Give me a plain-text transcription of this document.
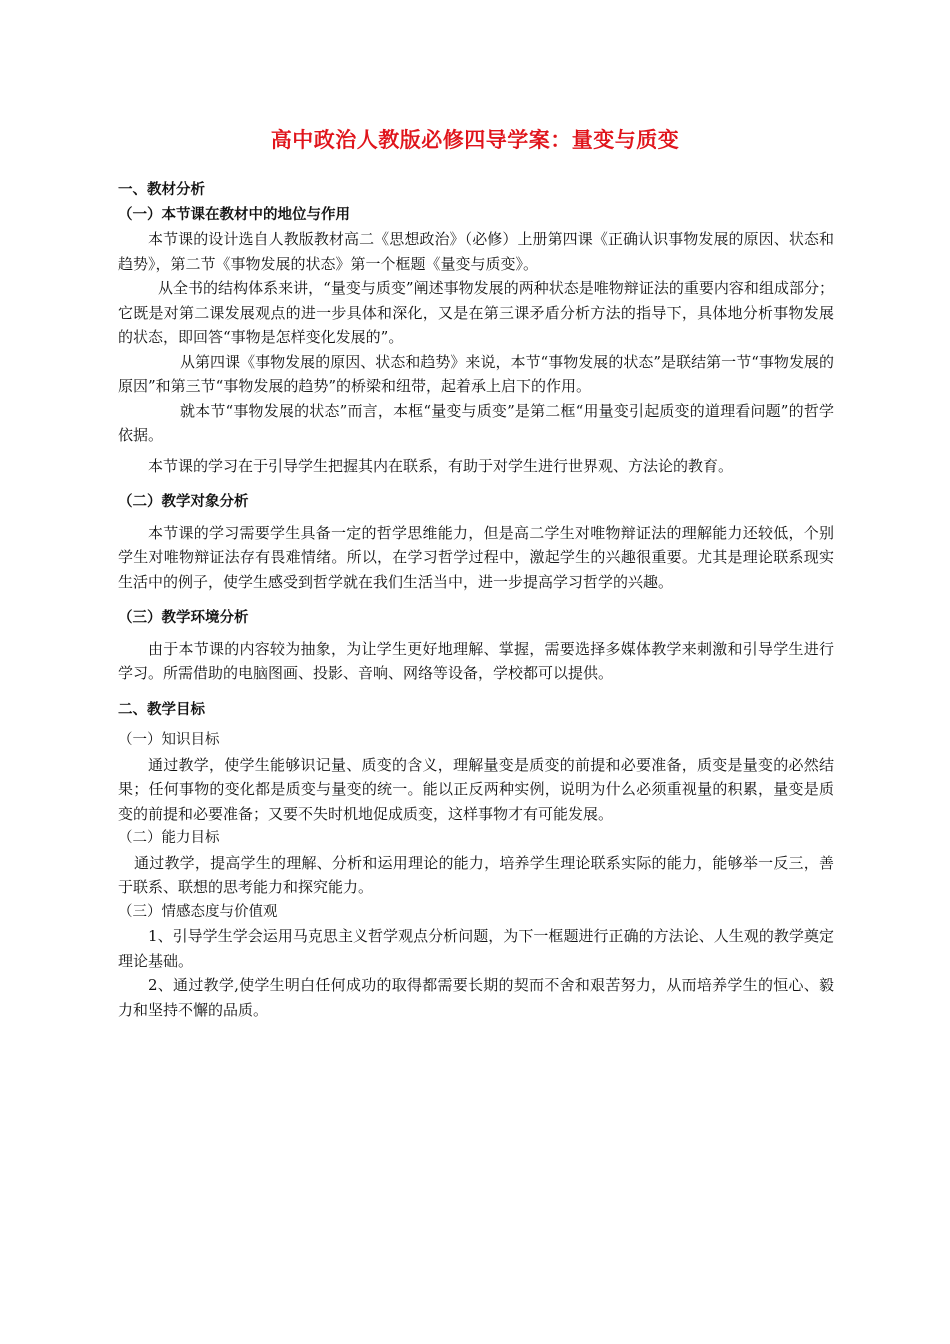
高中政治人教版必修四导学案：量变与质变
一、教材分析
（一）本节课在教材中的地位与作用

本节课的设计选自人教版教材高二《思想政治》（必修）上册第四课《正确认识事物发展的原因、状态和趋势》，第二节《事物发展的状态》第一个框题《量变与质变》。

从全书的结构体系来讲，“量变与质变”阐述事物发展的两种状态是唯物辩证法的重要内容和组成部分；它既是对第二课发展观点的进一步具体和深化，又是在第三课矛盾分析方法的指导下，具体地分析事物发展的状态，即回答“事物是怎样变化发展的”。

从第四课《事物发展的原因、状态和趋势》来说，本节“事物发展的状态”是联结第一节“事物发展的原因”和第三节“事物发展的趋势”的桥梁和纽带，起着承上启下的作用。

就本节“事物发展的状态”而言，本框“量变与质变”是第二框“用量变引起质变的道理看问题”的哲学依据。

本节课的学习在于引导学生把握其内在联系，有助于对学生进行世界观、方法论的教育。

（二）教学对象分析

本节课的学习需要学生具备一定的哲学思维能力，但是高二学生对唯物辩证法的理解能力还较低，个别学生对唯物辩证法存有畏难情绪。所以，在学习哲学过程中，激起学生的兴趣很重要。尤其是理论联系现实生活中的例子，使学生感受到哲学就在我们生活当中，进一步提高学习哲学的兴趣。

（三）教学环境分析

由于本节课的内容较为抽象，为让学生更好地理解、掌握，需要选择多媒体教学来刺激和引导学生进行学习。所需借助的电脑图画、投影、音响、网络等设备，学校都可以提供。

二、教学目标
（一）知识目标

通过教学，使学生能够识记量、质变的含义，理解量变是质变的前提和必要准备，质变是量变的必然结果；任何事物的变化都是质变与量变的统一。能以正反两种实例，说明为什么必须重视量的积累，量变是质变的前提和必要准备；又要不失时机地促成质变，这样事物才有可能发展。

（二）能力目标

通过教学，提高学生的理解、分析和运用理论的能力，培养学生理论联系实际的能力，能够举一反三，善于联系、联想的思考能力和探究能力。

（三）情感态度与价值观

1、引导学生学会运用马克思主义哲学观点分析问题，为下一框题进行正确的方法论、人生观的教学奠定理论基础。

2、通过教学,使学生明白任何成功的取得都需要长期的契而不舍和艰苦努力，从而培养学生的恒心、毅力和坚持不懈的品质。
